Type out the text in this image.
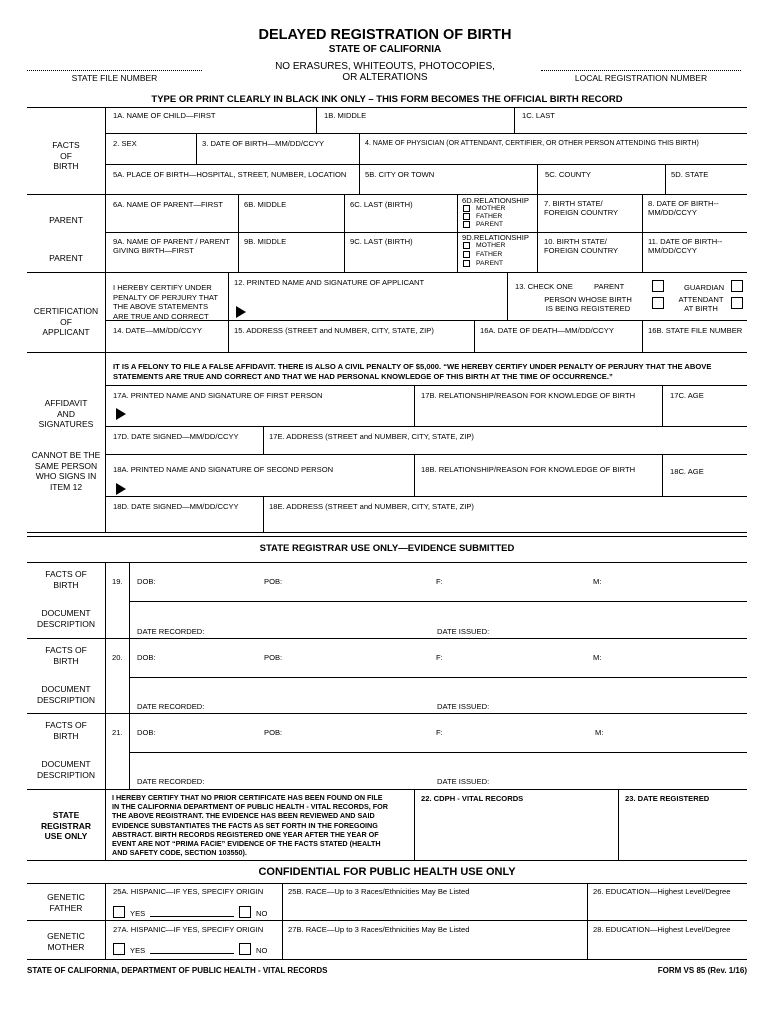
DELAYED REGISTRATION OF BIRTH
STATE OF CALIFORNIA
NO ERASURES, WHITEOUTS, PHOTOCOPIES,
OR ALTERATIONS
STATE FILE NUMBER	LOCAL REGISTRATION NUMBER
TYPE OR PRINT CLEARLY IN BLACK INK ONLY – THIS FORM BECOMES THE OFFICIAL BIRTH RECORD
FACTS
OF
BIRTH
1A. NAME OF CHILD—FIRST	1B. MIDDLE	1C. LAST
2. SEX	3. DATE OF BIRTH—MM/DD/CCYY	4. NAME OF PHYSICIAN (OR ATTENDANT, CERTIFIER, OR OTHER PERSON ATTENDING THIS BIRTH)
5A. PLACE OF BIRTH—HOSPITAL, STREET, NUMBER, LOCATION 5B. CITY OR TOWN	5C. COUNTY	5D. STATE
PARENT
6A. NAME OF PARENT—FIRST	6B. MIDDLE	6C. LAST (BIRTH)	6D.RELATIONSHIP
MOTHER
FATHER
PARENT
7. BIRTH STATE/
FOREIGN COUNTRY
8. DATE OF BIRTH--
MM/DD/CCYY
PARENT
9A. NAME OF PARENT / PARENT
GIVING BIRTH—FIRST
9B. MIDDLE	9C. LAST (BIRTH)	9D.RELATIONSHIP
MOTHER
FATHER
PARENT
10. BIRTH STATE/
FOREIGN COUNTRY
11. DATE OF BIRTH--
MM/DD/CCYY
CERTIFICATION
OF
APPLICANT
I HEREBY CERTIFY UNDER
PENALTY OF PERJURY THAT
THE ABOVE STATEMENTS
ARE TRUE AND CORRECT
12. PRINTED NAME AND SIGNATURE OF APPLICANT	13. CHECK ONE	PARENT	GUARDIAN
PERSON WHOSE BIRTH
IS BEING REGISTERED
ATTENDANT
AT BIRTH
14. DATE—MM/DD/CCYY	15. ADDRESS (STREET and NUMBER, CITY, STATE, ZIP)	16A. DATE OF DEATH—MM/DD/CCYY	16B. STATE FILE NUMBER
IT IS A FELONY TO FILE A FALSE AFFIDAVIT. THERE IS ALSO A CIVIL PENALTY OF $5,000. “WE HEREBY CERTIFY UNDER PENALTY OF PERJURY THAT THE ABOVE
STATEMENTS ARE TRUE AND CORRECT AND THAT WE HAD PERSONAL KNOWLEDGE OF THIS BIRTH AT THE TIME OF OCCURRENCE.”
AFFIDAVIT
AND
SIGNATURES
CANNOT BE THE
SAME PERSON
WHO SIGNS IN
ITEM 12
17A. PRINTED NAME AND SIGNATURE OF FIRST PERSON	17B. RELATIONSHIP/REASON FOR KNOWLEDGE OF BIRTH	17C. AGE
17D. DATE SIGNED—MM/DD/CCYY	17E. ADDRESS (STREET and NUMBER, CITY, STATE, ZIP)
18A. PRINTED NAME AND SIGNATURE OF SECOND PERSON	18B. RELATIONSHIP/REASON FOR KNOWLEDGE OF BIRTH	18C. AGE
18D. DATE SIGNED—MM/DD/CCYY	18E. ADDRESS (STREET and NUMBER, CITY, STATE, ZIP)
STATE REGISTRAR USE ONLY—EVIDENCE SUBMITTED
FACTS OF
BIRTH
DOCUMENT
DESCRIPTION
19. DOB:	POB:	F:	M:
DATE RECORDED:	DATE ISSUED:
FACTS OF
BIRTH
DOCUMENT
DESCRIPTION
20. DOB:	POB:	F:	M:
DATE RECORDED:	DATE ISSUED:
FACTS OF
BIRTH
DOCUMENT
DESCRIPTION
21. DOB:	POB:	F:	M:
DATE RECORDED:	DATE ISSUED:
STATE
REGISTRAR
USE ONLY
I HEREBY CERTIFY THAT NO PRIOR CERTIFICATE HAS BEEN FOUND ON FILE
IN THE CALIFORNIA DEPARTMENT OF PUBLIC HEALTH - VITAL RECORDS, FOR
THE ABOVE REGISTRANT. THE EVIDENCE HAS BEEN REVIEWED AND SAID
EVIDENCE SUBSTANTIATES THE FACTS AS SET FORTH IN THE FOREGOING
ABSTRACT. BIRTH RECORDS REGISTERED ONE YEAR AFTER THE YEAR OF
EVENT ARE NOT “PRIMA FACIE” EVIDENCE OF THE FACTS STATED (HEALTH
AND SAFETY CODE, SECTION 103550).
22. CDPH - VITAL RECORDS	23. DATE REGISTERED
CONFIDENTIAL FOR PUBLIC HEALTH USE ONLY
GENETIC
FATHER
25A. HISPANIC—IF YES, SPECIFY ORIGIN
YES	NO
25B. RACE—Up to 3 Races/Ethnicities May Be Listed	26. EDUCATION—Highest Level/Degree
GENETIC
MOTHER
27A. HISPANIC—IF YES, SPECIFY ORIGIN
YES	NO
27B. RACE—Up to 3 Races/Ethnicities May Be Listed	28. EDUCATION—Highest Level/Degree
STATE OF CALIFORNIA, DEPARTMENT OF PUBLIC HEALTH - VITAL RECORDS	FORM VS 85 (Rev. 1/16)
